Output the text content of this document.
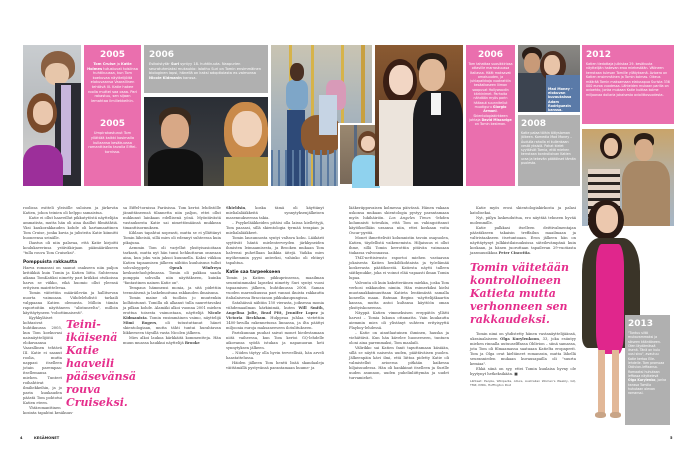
2005

Tom Cruise ja Katie Holmes tutustuvat toisiinsa huhtikuussa, kun Tom koekuvaa näyttelijöitä elokuvaansa Vaarallinen tehtävä III. Katie hakee roolia muttei saa osaa. Pari rakastuu, sen sijaan lemahtaa ilmiliekkeihin.

2005

Umpirakastunut Tom yllättää kaikki kosimalla kullaansa kesäkuussa romanttisella tavalla Eiffel-tornissa.

2006

Esikoistytär Suri syntyy 18. huhtikuuta. Naapurien seuratuhmiaksi mukaukio: lalathu Suri on Tomin ensimmäinen biologinen lapsi, hänellä on kaksi adoptiolasta ex-vaimonsa Nicole Kidmanin kanssa.

2006

Tom tahattaa suosikkiriosa ottaville marraskuussa Italiassa. Häät maksavat omaisuuden, ja juhlapaikkoja vuokrattiin kesäaikaseen liiman saapuvat Hollywoodin kärkinimet. Parhaita nähdään myös parin hääasut suunnitellut muotiguru Giorgio Armani. Skientologiakirkkeen johtaja David Miscavige on Tomin bestman.

Mad Money -elokuvan kuvauksissa Adam Rodriguezin kanssa.
2008

Katie palaa töihin äitiysloman jälkeen. Komedia Mad Money – Äudulla rahalla ei kullenkaan vestä yksisiä. Pahat kielet syyttävät Tomia, että miehen kerrotaan kontrolloivan Katien uraa ja tekevän päätökset tämän puolesta.

2012

Katien tiedottaja julkistaa 29. kesäkuuta näyttelijän hakevan eroa miehestään. Välineen kerrotaan tulevan Tomille yllätyksenä. Avioero on Katien ensimmäinen ja Tomin kolmas. Oikeus määrää Tomin maksamaan elatusapua Surista 336 000 euroa vuodessa. Lähteiden mukaan parilla on avioehto, jonka mukaan Katie kuittaa kolme miljoonaa dollaria jokaisesta aviolittovuodesta.

2013

"Tuntuu siltä mukavammaksi ja sikseen kääntäneen. Olen läydämässä itsenä. Tänä on kulu uusi sivu", avautuu Katie kertoo Elle-lehdelle. Tom promoaa Oblivion-leffaansa. Romaaksi huhutaan leffassa näyttelevä Olga Kurylenko, jonka kanssa Tomilla huhutaan olevan romanssi.

roolissa esitteli yleisölle suloisen ja järkevän Katien, johon teinien oli helppo samaistua.

Katie ei ollut haaveillut pikkutytöstä näyttelijän ammatista, mutta hän oli aina ihaillut filmitähtiä. Yksi kaukorakkauden kohde oli kartamaattinen Tom Cruise, jonka kuvia ja julisteita Katie kiinnitti huoneensa seinälle.

Ihastus oli niin palavaa, että Katie kirjoitti koulukaverinsa ystäväkirjaan päämääräkseen "tulla rouva Tom Cruiseksi".

Pomppuista rakkautta

Harva romanssi on saanut osakseen niin paljon kritiikkiä kuin Tomin ja Katien liitto. Suhteensa aikana TomKatiksi nimetty pari kriikkoi otsikoissa harva se viikko, eikä huomio ollut yleensä erityisen mairittelevaa.

Tomin väitettiin määräilevän ja hallitsevan nuorta vaimoaan. Viihdelehdistö tarkaili valppaana Katien olemusta. Milloin tämän raportoitiin näyttäneen "alistuneelta", milloin käyttäytyneen "robottimaisesti".

Teini-ikäisenä Katie haaveili pääsevänsä rouva Cruiseksi.

Kyyhkyläiset kohtasivat huhtikuussa 2005, kun Tom koekuvasi naisnäyttelijöitä elokuvaansa Vaarallinen tehtävä III. Katie ei saanut roolia, mutta nappasi itselleen jotain parempaa: itsellemansa miehen. Tunteet roihahtivat ilmiliekkeihin, ja jo parin kuukauden päästä Tom pohtotui Katien eteen.

Yhtäromanttinen kosinta tapahtui kesäkuus-

sa Eiffel-tornissa Pariisissa. Tom kertoi lehdistölle jännittäneensä tilannetta niin paljon, ettei ollut nukkunut lainkaan edellisenä yönä. Myöntävästä vastauksesta Katie sai nimettömäänsä mukkean timanttisormuksen.

Kihlaus tapahtui nopeasti, mutta se ei yllättänyt Tomin läheisiä, sillä mies oli edennyt suhteessa kuin pikajuna.

Aemmin Tom oli varjellut yksityisasioitaan tarkasti, mutta nyt hän tunsi hehkuttavan onneaan aina, kun joku vain jaksoi kuunnella. Kaksi viikkoa Katien tapaamisen jälkeen nähtiin kuuluisuus tullut sohvaloyppely Oprah Winfreyn keskusteluohjelmassa. Tomin oli pakkoa saada pomppia sohvalla niin näyttäkseen, kuinka "fantastinen nainen Katie on".

Tempaus hämmensi monia, ja sitä pidettiin teennäisenä ja laskelmoituna rakkauden ilmaisuna.

Tomin maine oli tuolloin jo muutenkin kolhiintunut. Tomilla oli alkanut tulla naurettavaksi ja pilkan kohde. Alamäki alkoi vuonna 2001 miehen erottua toisesta vaimostaan, näyttelijä Nicole Kidmanista. Tomin ensimmäinen vaimo, näyttelijä Mimi Rogers, oli tutustuttanut hänet skientologiaan, mutta tähti tuntui hurahtavan liikkeeseen täysillä vasta Nicolen jälkeen.

Mies alkoi laukoa kärkkäitä kommentteja. Hän muun muassa haukkui näyttelijä Brooke

Shieldsin, koska tämä oli käyttänyt mielialalääkkeitä synnytyksenjälkeisen masennukseensa takia.

– Psyykelääkkeiden pitäisi olla laissa kiellettyjä, Tom paasasi, sillä skientologia tyrmää terapian ja mielialalääkkeet.

Tomin lausunnosta syntyi valtava kohu. Lääkärit syyttivät häntä mielenterveyden järkkyneiden ihmisten leimaamisesta, ja Brooken mukaan Tom halveeai puhetllaan kaikkia äitejä. Vaikka mies myöhemmin pyysi anteeksi, vahinko oli ehtinyt tapahtua.

Katie saa tarpeekseen

Tomin ja Katien pikkuprinsessa, maailman seuratuimmaksi lapseksi nimetty Suri syntyi vuosi tapaamisen jälkeen, huhtikuussa 2006. Saman vuoden marraskuussa pari vannoi ikuista rakkautta italialaisessa Braccianon pikkukaupungissa.

Satahäissä nähtiin 150 vierasta, joiksessa monia viihdemaailman kärkinimiä, kuten Will Smith, Angelina Jolie, Brad Pitt, Jennifer Lopez ja Victoria Beckham. Hulppeaa juhlaa vietettiin 1400-luvulla rakennetussa linnassa, ja ilta päättyi miljoonia euroja maksaneeseen ilotulitukseen.

Pariskunnan puuhat saivat monet hiedestamaan niitä vaiheessa, kun Tom kertoi GQ-lehdelle aikovansa syödä istukan ja napanuoran heti synnytyksen jälkeen.

– Niiden täytyy olla hyvin terveellisiä, hän arveli haastattelussa.

Häiden jälkeen Tom hentti lisää skandaaleja väittämällä pystyvänsä parantamaan huume- ja

lääkeriippuvaisen kolmessa päivässä. Hänen vakaan uskonsa mukaan skientologia pystyy parantamaan myös lukihäiriön. Los Angeles Times -lehden kolumnisti totesikin, että Tom on vahingoittanut käytöksellään uraansa niin, ettei koskaan voita Oscar-pystiä.

Monet ihmettelivät kolumnistin tavoin osapuolen, Katien, täydellistä vaikenemista. Hiljaisuus ei ollut ihme, sillä Tomin kerrottiin pitävän vaimoaan tiukassa valvonnassa.

TMZ-nettisivusto raportoi miehen vastaavan jokaisesta Katien henkilökohtaista ja työelämää koskevasta päätöksestä. Katiesta näytti talleen siätkynukke, joka ei voinut elää vapaasti ilman Tomin lupaa.

Valvonta oli kuin kakstteräinen miekka, joska Tom verhosi rakkauden nimiin. Hän esimerkiksi kielsi muotanakkaimuuttaan Katieta lentämästä samalla koneella maan. Batman Begins -näyttelijäkaartin kanssa, mutta antoi kultansa käyttöön oman yksityiskoneensa.

Näyppä Katien vimmeksisen ereppätös yllätti harvat – Tomia lukuun ottamatta. Vain kuukautta aiemmin mies oli ylistänyt suhteen erityisyyttä Playboy-lehdessä.

– Katie on ainutlaatuinen ihminen, hauska ja viehättävä. Kun hän kävelee huoneeseen, tuntuen oloni aina paremmaksi, Tom maalaili.

Välirikko sai Katien fanit taputtamaan käsiään, sillä se näytti naisesta uuden, päättäväisen puolen. Jälkeenpäin kävi ilmi, että liittoa pidetty Katie oli valmistellut avioeroa pitkään kaikessa hiljaisuudessa. Hän oli hankkinut itselleen ja Surille uuden asunnon, uuden puhelinliittymän ja uudet turvamiehet.

Katie myös erosi skientologiakirkosta ja palasi katolisekai.

Nyt, piilyn laskeuduttua, ero näyttää tehneen hyvää molemmille.

Katie palkkasi itselleen deittivalmentajan päästäkseen takaisin treffailun maailmaan ja valtristaakseen itsetuntoaan. Eron jälkeen hän on näyttäytynyt julkkistilaisuuksissa säteilevämpänä kuin koskaan, ja hänen juoruttaan tapailevan 29-vuotiasta jazzmuusikkoa Peter Cincottia.

Tomin väitetään kontrolloineen Katieta mutta verhonneen sen rakkaudeksi.

Tomin nimi on yhdistetty hänen vastanäyttelijäänsä, ukrainalaiseen Olga Kurylenkoon, 33, joka esiintyy miehen rinnalla uutuuselffassa Oblivion – siinä samassa, jota Tom oli filmaamassa saatuaan Katielta eropaperit. Tom ja Olga ovat kieltäneet romanssin, mutta lähellä seurannieden mukaan kuvausapailla oli "suurta kemiaa".

Ehkä siinä on syy, ettei Tomin kuulaisa hyvny ole hyytynyt hetkeksikään. ■

Lähteet: People, Wikipedia, Allure, Australian Women's Weekly, GQ, TMZ, IMDb, Huffington Post

4	KESÄMONET	5
